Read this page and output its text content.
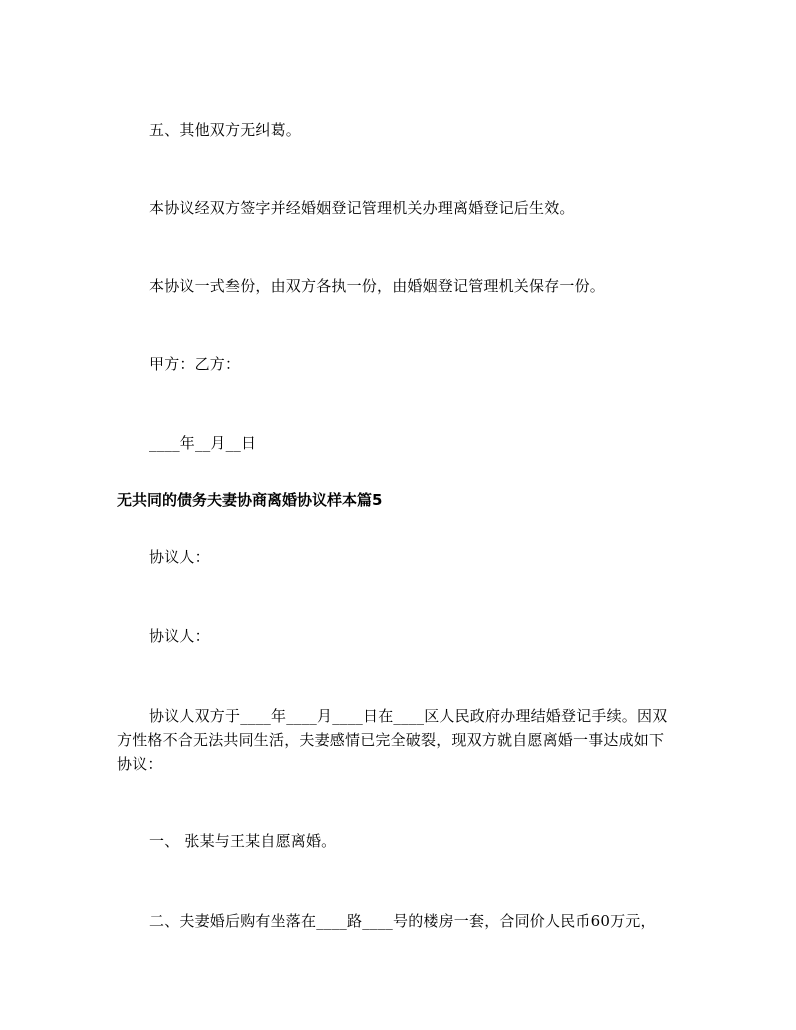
五、其他双方无纠葛。
本协议经双方签字并经婚姻登记管理机关办理离婚登记后生效。
本协议一式叁份，由双方各执一份，由婚姻登记管理机关保存一份。
甲方：乙方：
____年__月__日
无共同的债务夫妻协商离婚协议样本篇5
协议人：
协议人：
协议人双方于____年____月____日在____区人民政府办理结婚登记手续。因双
方性格不合无法共同生活，夫妻感情已完全破裂，现双方就自愿离婚一事达成如下
协议：
一、 张某与王某自愿离婚。
二、夫妻婚后购有坐落在____路____号的楼房一套，合同价人民币60万元，
